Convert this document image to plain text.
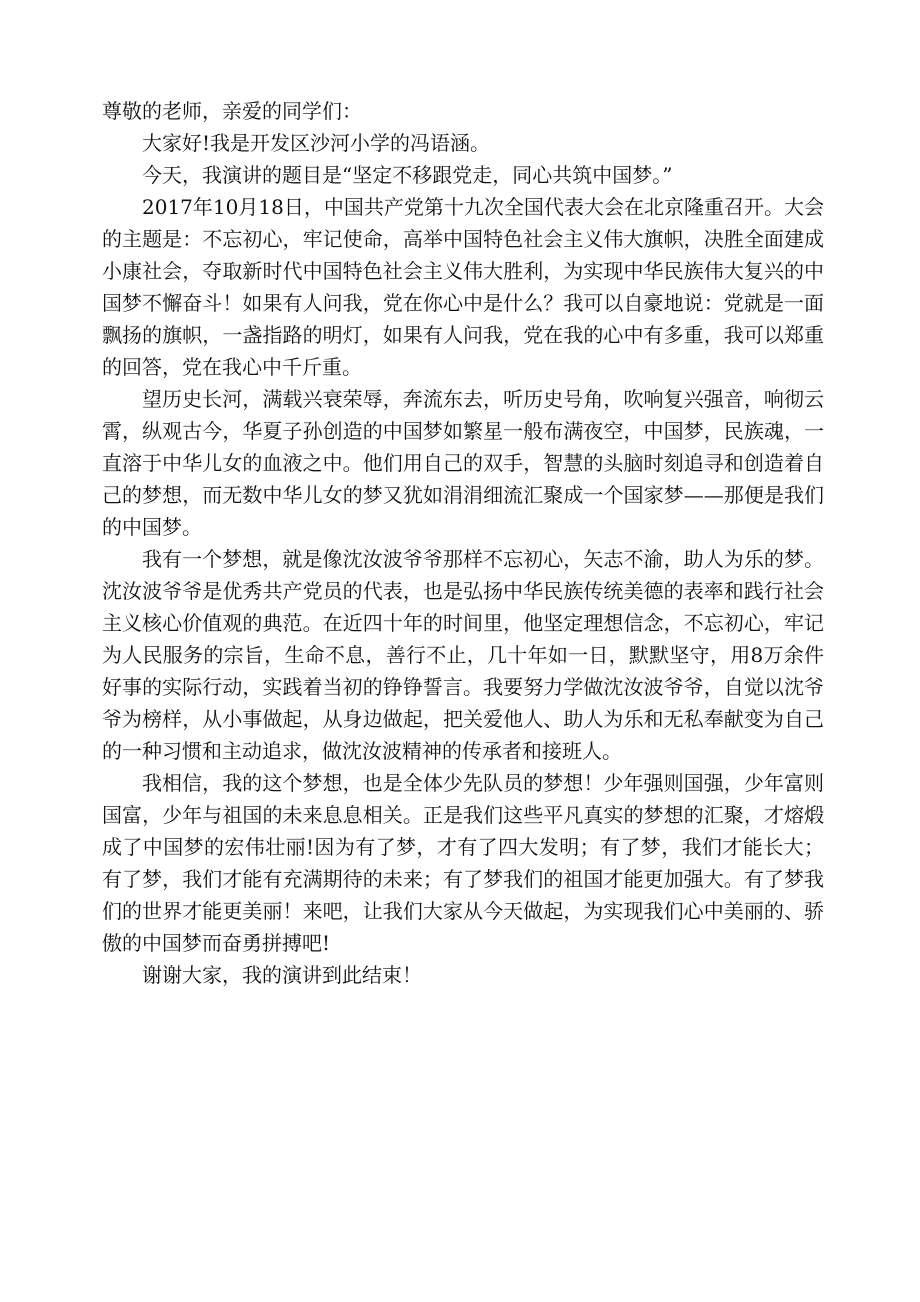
尊敬的老师，亲爱的同学们：

大家好!我是开发区沙河小学的冯语涵。

今天，我演讲的题目是“坚定不移跟党走，同心共筑中国梦。”

2017年10月18日，中国共产党第十九次全国代表大会在北京隆重召开。大会的主题是：不忘初心，牢记使命，高举中国特色社会主义伟大旗帜，决胜全面建成小康社会，夺取新时代中国特色社会主义伟大胜利，为实现中华民族伟大复兴的中国梦不懈奋斗！如果有人问我，党在你心中是什么？我可以自豪地说：党就是一面飘扬的旗帜，一盏指路的明灯，如果有人问我，党在我的心中有多重，我可以郑重的回答，党在我心中千斤重。

望历史长河，满载兴衰荣辱，奔流东去，听历史号角，吹响复兴强音，响彻云霄，纵观古今，华夏子孙创造的中国梦如繁星一般布满夜空，中国梦，民族魂，一直溶于中华儿女的血液之中。他们用自己的双手，智慧的头脑时刻追寻和创造着自己的梦想，而无数中华儿女的梦又犹如涓涓细流汇聚成一个国家梦——那便是我们的中国梦。

我有一个梦想，就是像沈汝波爷爷那样不忘初心，矢志不渝，助人为乐的梦。沈汝波爷爷是优秀共产党员的代表，也是弘扬中华民族传统美德的表率和践行社会主义核心价值观的典范。在近四十年的时间里，他坚定理想信念，不忘初心，牢记为人民服务的宗旨，生命不息，善行不止，几十年如一日，默默坚守，用8万余件好事的实际行动，实践着当初的铮铮誓言。我要努力学做沈汝波爷爷，自觉以沈爷爷为榜样，从小事做起，从身边做起，把关爱他人、助人为乐和无私奉献变为自己的一种习惯和主动追求，做沈汝波精神的传承者和接班人。

我相信，我的这个梦想，也是全体少先队员的梦想！少年强则国强，少年富则国富，少年与祖国的未来息息相关。正是我们这些平凡真实的梦想的汇聚，才熔煅成了中国梦的宏伟壮丽!因为有了梦，才有了四大发明；有了梦，我们才能长大；有了梦，我们才能有充满期待的未来；有了梦我们的祖国才能更加强大。有了梦我们的世界才能更美丽！来吧，让我们大家从今天做起，为实现我们心中美丽的、骄傲的中国梦而奋勇拼搏吧!

谢谢大家，我的演讲到此结束！
